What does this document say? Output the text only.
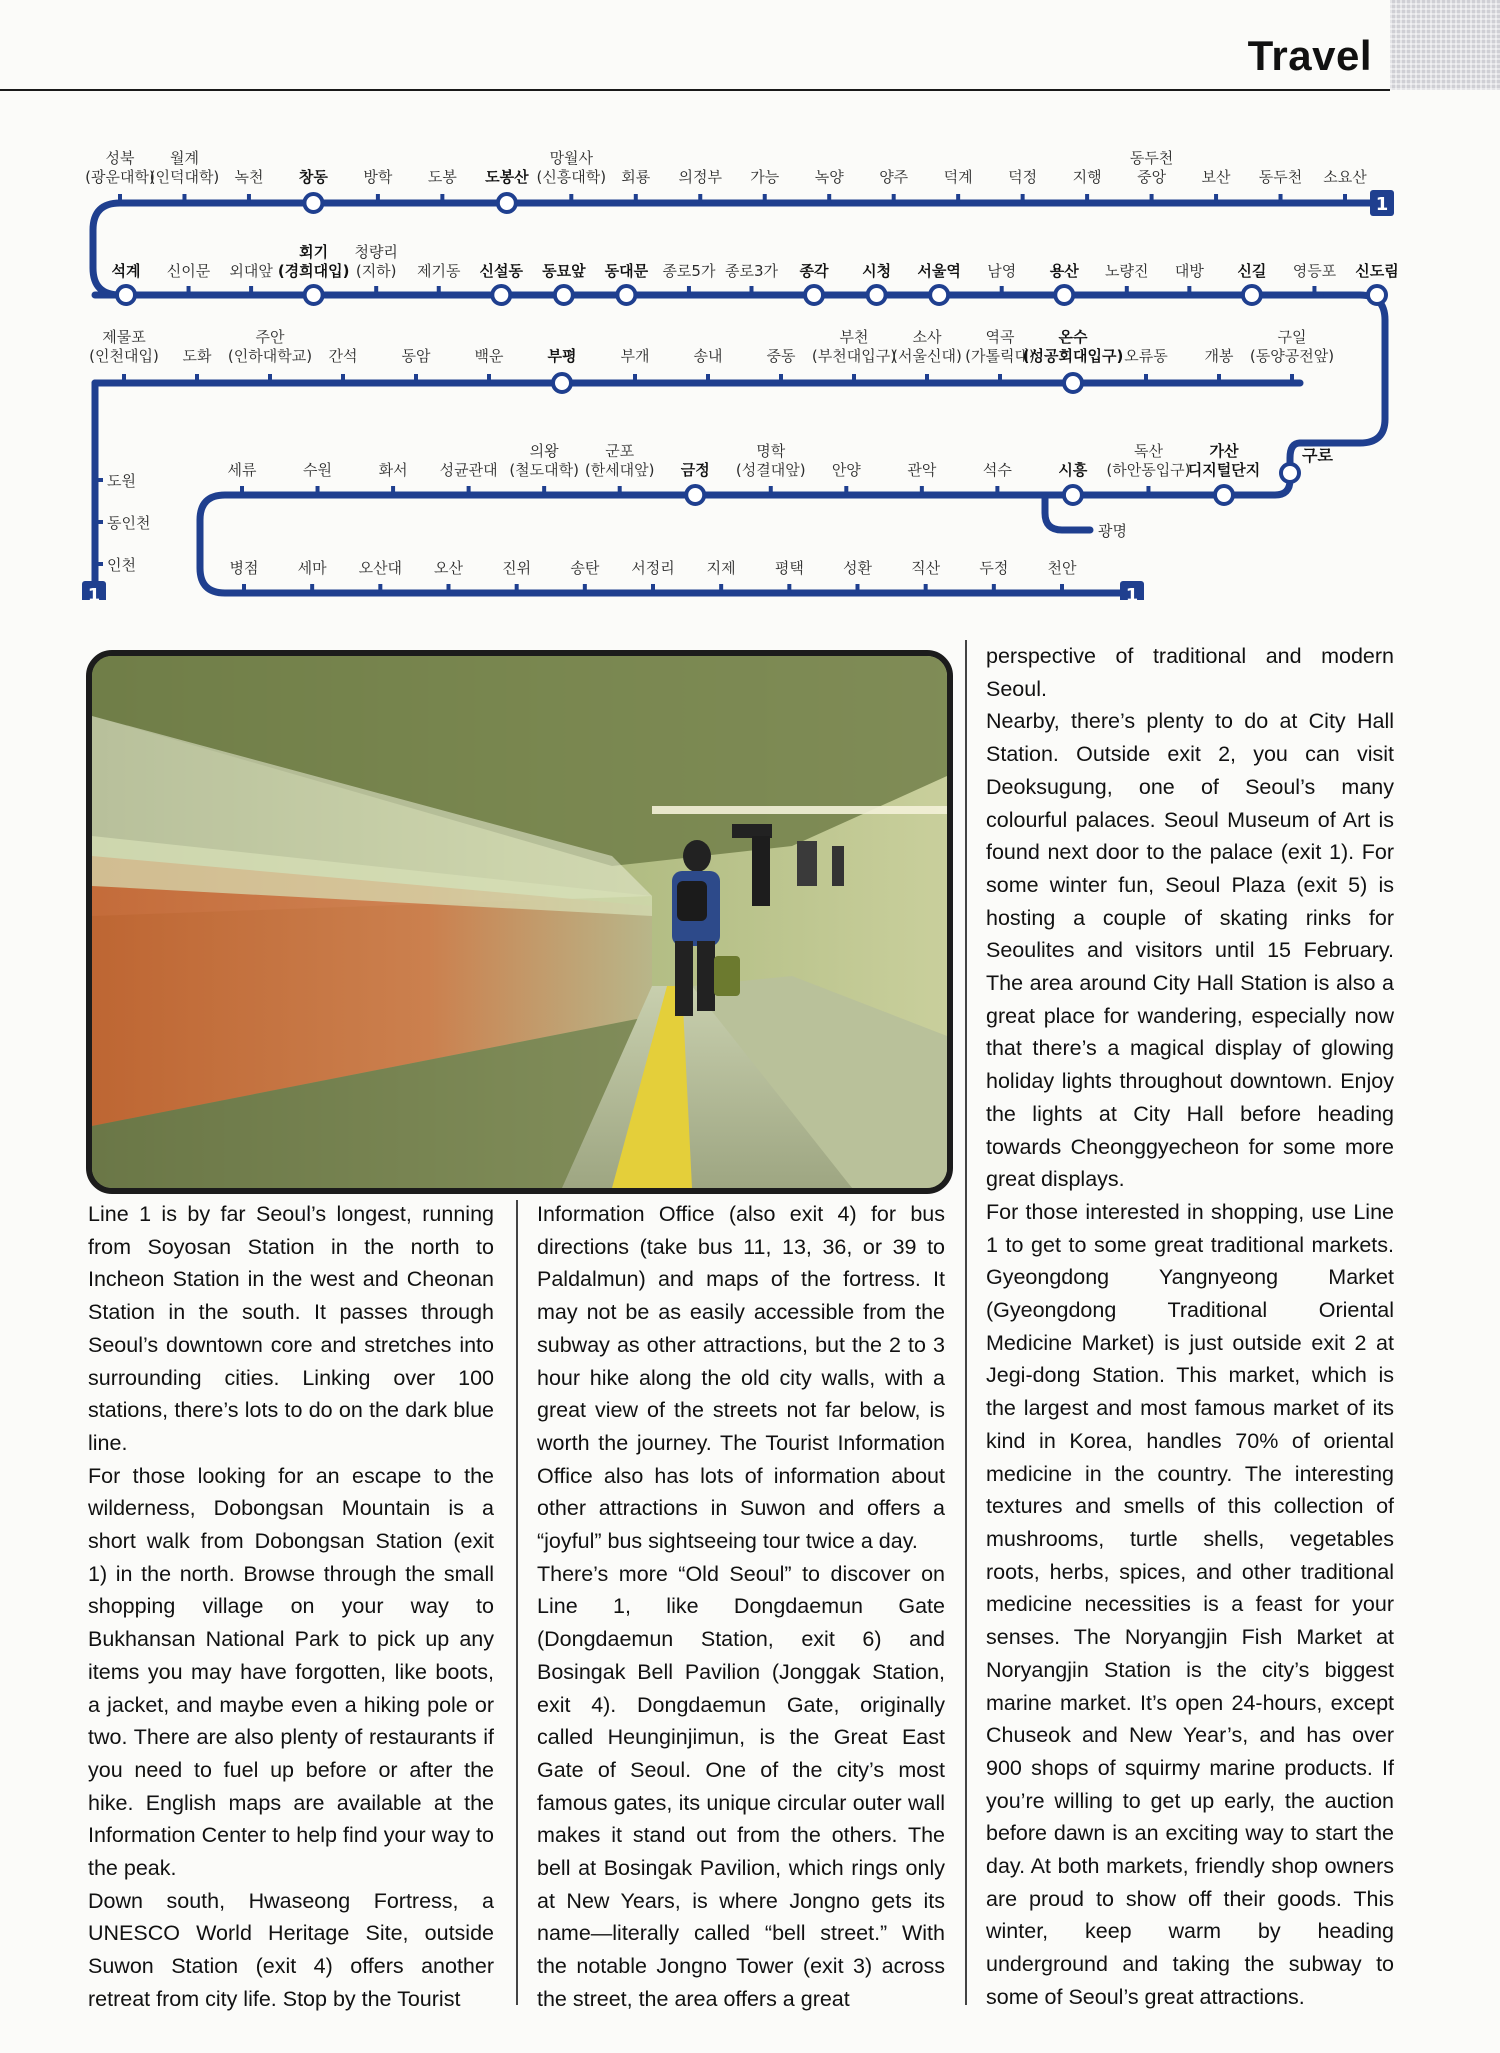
Travel
성북
(광운대학)
월계
(인덕대학) 녹천 창동 방학 도봉 도봉산
망월사
(신흥대학) 회룡 의정부 가능 녹양 양주 덕계 덕정 지행
동두천
중앙 보산 동두천 소요산
석계 신이문 외대앞
회기
(경희대입)
청량리
(지하) 제기동 신설동 동묘앞 동대문 종로5가 종로3가 종각 시청 서울역 남영 용산 노량진 대방 신길 영등포 신도림
제물포
(인천대입) 도화
주안
(인하대학교) 간석	동암	백운	부평	부개	송내	중동
부천
(부천대입구)
소사
(서울신대)
역곡
(가톨릭대)
온수
(성공회대입구) 오류동 개봉
구일
(동양공전앞)
세류	수원	화서 성균관대
의왕
(철도대학)
군포
(한세대앞) 금정
명학
(성결대앞) 안양	관악	석수	시흥
독산
(하안동입구)
가산
디지털단지
병점	세마 오산대 오산	진위	송탄 서정리 지제	평택	성환	직산	두정	천안
구로
도원
동인천
인천
광명
1
1	1

Line 1 is by far Seoul’s longest, running from Soyosan Station in the north to Incheon Station in the west and Cheonan Station in the south. It passes through Seoul’s downtown core and stretches into surrounding cities. Linking over 100 stations, there’s lots to do on the dark blue line.

For those looking for an escape to the wilderness, Dobongsan Mountain is a short walk from Dobongsan Station (exit 1) in the north. Browse through the small shopping village on your way to Bukhansan National Park to pick up any items you may have forgotten, like boots, a jacket, and maybe even a hiking pole or two. There are also plenty of restaurants if you need to fuel up before or after the hike. English maps are available at the Information Center to help find your way to the peak.

Down south, Hwaseong Fortress, a UNESCO World Heritage Site, outside Suwon Station (exit 4) offers another retreat from city life. Stop by the Tourist

Information Office (also exit 4) for bus directions (take bus 11, 13, 36, or 39 to Paldalmun) and maps of the fortress. It may not be as easily accessible from the subway as other attractions, but the 2 to 3 hour hike along the old city walls, with a great view of the streets not far below, is worth the journey. The Tourist Information Office also has lots of information about other attractions in Suwon and offers a “joyful” bus sightseeing tour twice a day.

There’s more “Old Seoul” to discover on Line 1, like Dongdaemun Gate (Dongdaemun Station, exit 6) and Bosingak Bell Pavilion (Jonggak Station, exit 4). Dongdaemun Gate, originally called Heunginjimun, is the Great East Gate of Seoul. One of the city’s most famous gates, its unique circular outer wall makes it stand out from the others. The bell at Bosingak Pavilion, which rings only at New Years, is where Jongno gets its name—literally called “bell street.” With the notable Jongno Tower (exit 3) across the street, the area offers a great

perspective of traditional and modern Seoul.

Nearby, there’s plenty to do at City Hall Station. Outside exit 2, you can visit Deoksugung, one of Seoul’s many colourful palaces. Seoul Museum of Art is found next door to the palace (exit 1). For some winter fun, Seoul Plaza (exit 5) is hosting a couple of skating rinks for Seoulites and visitors until 15 February. The area around City Hall Station is also a great place for wandering, especially now that there’s a magical display of glowing holiday lights throughout downtown. Enjoy the lights at City Hall before heading towards Cheonggyecheon for some more great displays.

For those interested in shopping, use Line 1 to get to some great traditional markets. Gyeongdong Yangnyeong Market (Gyeongdong Traditional Oriental Medicine Market) is just outside exit 2 at Jegi-dong Station. This market, which is the largest and most famous market of its kind in Korea, handles 70% of oriental medicine in the country. The interesting textures and smells of this collection of mushrooms, turtle shells, vegetables roots, herbs, spices, and other traditional medicine necessities is a feast for your senses. The Noryangjin Fish Market at Noryangjin Station is the city’s biggest marine market. It’s open 24-hours, except Chuseok and New Year’s, and has over 900 shops of squirmy marine products. If you’re willing to get up early, the auction before dawn is an exciting way to start the day. At both markets, friendly shop owners are proud to show off their goods. This winter, keep warm by heading underground and taking the subway to some of Seoul’s great attractions.
